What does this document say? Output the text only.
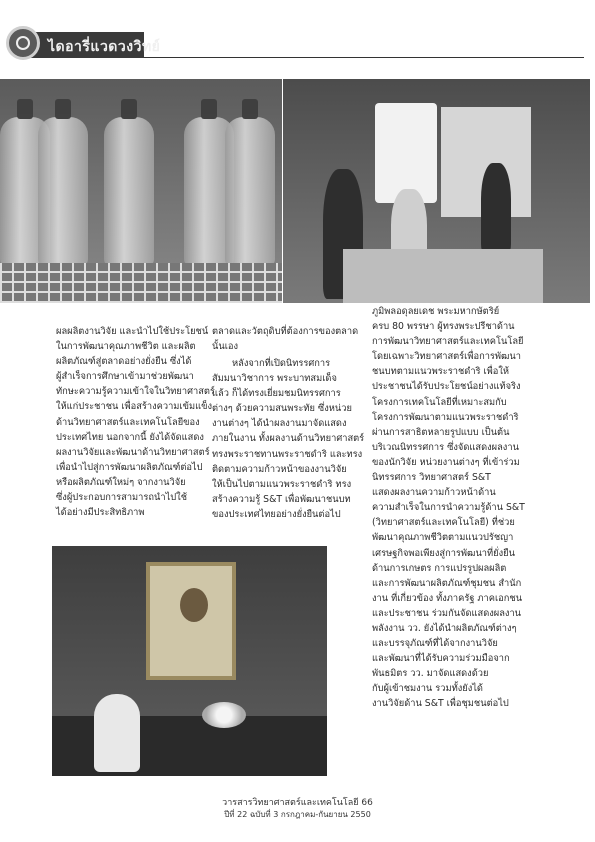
ไดอารี่แวดวงวิทย์
ผลผลิตงานวิจัย และนำไปใช้ประโยชน์
ในการพัฒนาคุณภาพชีวิต และผลิต
ผลิตภัณฑ์สู่ตลาดอย่างยั่งยืน ซึ่งได้
ผู้สำเร็จการศึกษาเข้ามาช่วยพัฒนา
ทักษะความรู้ความเข้าใจในวิทยาศาสตร์
ให้แก่ประชาชน เพื่อสร้างความเข้มแข็ง
ด้านวิทยาศาสตร์และเทคโนโลยีของ
ประเทศไทย นอกจากนี้ ยังได้จัดแสดง
ผลงานวิจัยและพัฒนาด้านวิทยาศาสตร์
เพื่อนำไปสู่การพัฒนาผลิตภัณฑ์ต่อไป
หรือผลิตภัณฑ์ใหม่ๆ จากงานวิจัย
ซึ่งผู้ประกอบการสามารถนำไปใช้
ได้อย่างมีประสิทธิภาพ
ตลาดและวัตถุดิบที่ต้องการของตลาด
นั้นเอง
หลังจากที่เปิดนิทรรศการ
สัมมนาวิชาการ พระบาทสมเด็จ
แล้ว ก็ได้ทรงเยี่ยมชมนิทรรศการ
ต่างๆ ด้วยความสนพระทัย ซึ่งหน่วย
งานต่างๆ ได้นำผลงานมาจัดแสดง
ภายในงาน ทั้งผลงานด้านวิทยาศาสตร์
ทรงพระราชทานพระราชดำริ และทรง
ติดตามความก้าวหน้าของงานวิจัย
ให้เป็นไปตามแนวพระราชดำริ ทรง
สร้างความรู้ S&T เพื่อพัฒนาชนบท
ของประเทศไทยอย่างยั่งยืนต่อไป
ภูมิพลอดุลยเดช พระมหากษัตริย์
ครบ 80 พรรษา ผู้ทรงพระปรีชาด้าน
การพัฒนาวิทยาศาสตร์และเทคโนโลยี
โดยเฉพาะวิทยาศาสตร์เพื่อการพัฒนา
ชนบทตามแนวพระราชดำริ เพื่อให้
ประชาชนได้รับประโยชน์อย่างแท้จริง
โครงการเทคโนโลยีที่เหมาะสมกับ
โครงการพัฒนาตามแนวพระราชดำริ
ผ่านการสาธิตหลายรูปแบบ เป็นต้น
บริเวณนิทรรศการ ซึ่งจัดแสดงผลงาน
ของนักวิจัย หน่วยงานต่างๆ ที่เข้าร่วม
นิทรรศการ วิทยาศาสตร์ S&T
แสดงผลงานความก้าวหน้าด้าน
ความสำเร็จในการนำความรู้ด้าน S&T
(วิทยาศาสตร์และเทคโนโลยี) ที่ช่วย
พัฒนาคุณภาพชีวิตตามแนวปรัชญา
เศรษฐกิจพอเพียงสู่การพัฒนาที่ยั่งยืน
ด้านการเกษตร การแปรรูปผลผลิต
และการพัฒนาผลิตภัณฑ์ชุมชน สำนัก
งาน ที่เกี่ยวข้อง ทั้งภาครัฐ ภาคเอกชน
และประชาชน ร่วมกันจัดแสดงผลงาน
พลังงาน วว. ยังได้นำผลิตภัณฑ์ต่างๆ
และบรรจุภัณฑ์ที่ได้จากงานวิจัย
และพัฒนาที่ได้รับความร่วมมือจาก
พันธมิตร วว. มาจัดแสดงด้วย
กับผู้เข้าชมงาน รวมทั้งยังได้
งานวิจัยด้าน S&T เพื่อชุมชนต่อไป
วารสารวิทยาศาสตร์และเทคโนโลยี 66
ปีที่ 22 ฉบับที่ 3 กรกฎาคม-กันยายน 2550
